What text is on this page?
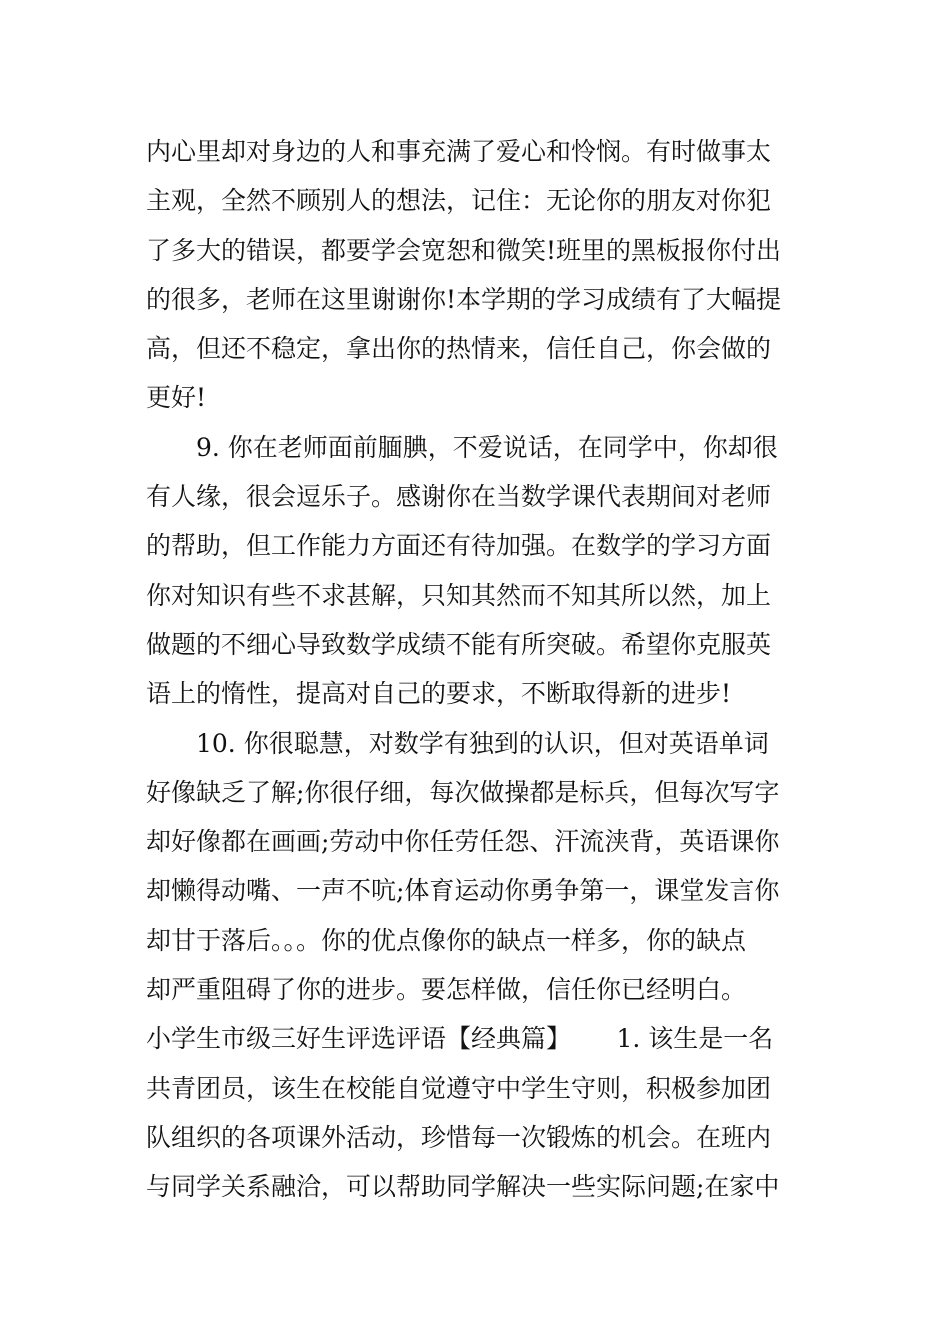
内心里却对身边的人和事充满了爱心和怜悯。有时做事太
主观，全然不顾别人的想法，记住：无论你的朋友对你犯
了多大的错误，都要学会宽恕和微笑!班里的黑板报你付出
的很多，老师在这里谢谢你!本学期的学习成绩有了大幅提
高，但还不稳定，拿出你的热情来，信任自己，你会做的
更好!
　　9. 你在老师面前腼腆，不爱说话，在同学中，你却很
有人缘，很会逗乐子。感谢你在当数学课代表期间对老师
的帮助，但工作能力方面还有待加强。在数学的学习方面
你对知识有些不求甚解，只知其然而不知其所以然，加上
做题的不细心导致数学成绩不能有所突破。希望你克服英
语上的惰性，提高对自己的要求，不断取得新的进步!
　　10. 你很聪慧，对数学有独到的认识，但对英语单词
好像缺乏了解;你很仔细，每次做操都是标兵，但每次写字
却好像都在画画;劳动中你任劳任怨、汗流浃背，英语课你
却懒得动嘴、一声不吭;体育运动你勇争第一，课堂发言你
却甘于落后。。。你的优点像你的缺点一样多，你的缺点
却严重阻碍了你的进步。要怎样做，信任你已经明白。
小学生市级三好生评选评语【经典篇】　　 1. 该生是一名
共青团员，该生在校能自觉遵守中学生守则，积极参加团
队组织的各项课外活动，珍惜每一次锻炼的机会。在班内
与同学关系融洽，可以帮助同学解决一些实际问题;在家中
